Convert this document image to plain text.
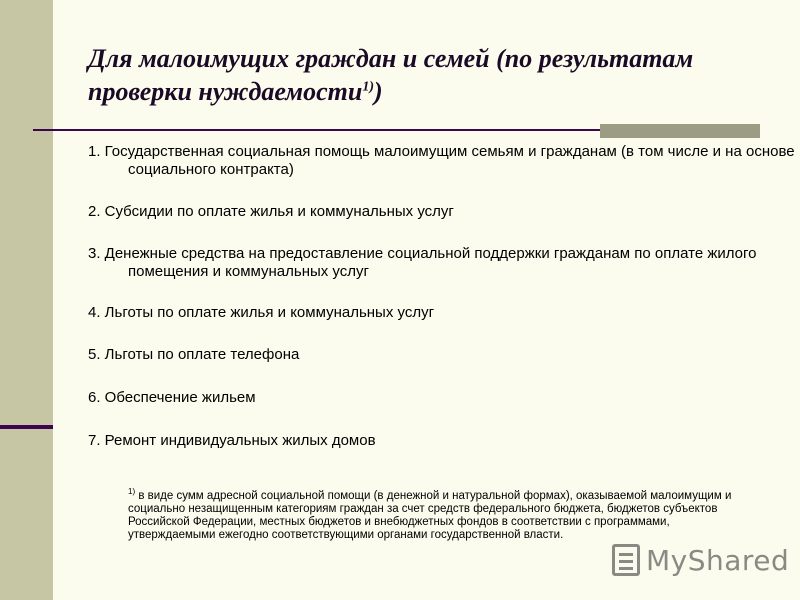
Для малоимущих граждан и семей (по результатам проверки нуждаемости$^{1)}$)
1. Государственная социальная помощь малоимущим семьям и гражданам (в том числе и на основе социального контракта)
2. Субсидии по оплате жилья и коммунальных услуг
3. Денежные средства на предоставление социальной поддержки гражданам по оплате жилого помещения и коммунальных услуг
4. Льготы по оплате жилья и коммунальных услуг
5. Льготы по оплате телефона
6. Обеспечение жильем
7. Ремонт индивидуальных жилых домов
$^{1)}$ в виде сумм адресной социальной помощи (в денежной и натуральной формах), оказываемой малоимущим и социально незащищенным категориям граждан за счет средств федерального бюджета, бюджетов субъектов Российской Федерации, местных бюджетов и внебюджетных фондов в соответствии с программами, утверждаемыми ежегодно соответствующими органами государственной власти.
MyShared
